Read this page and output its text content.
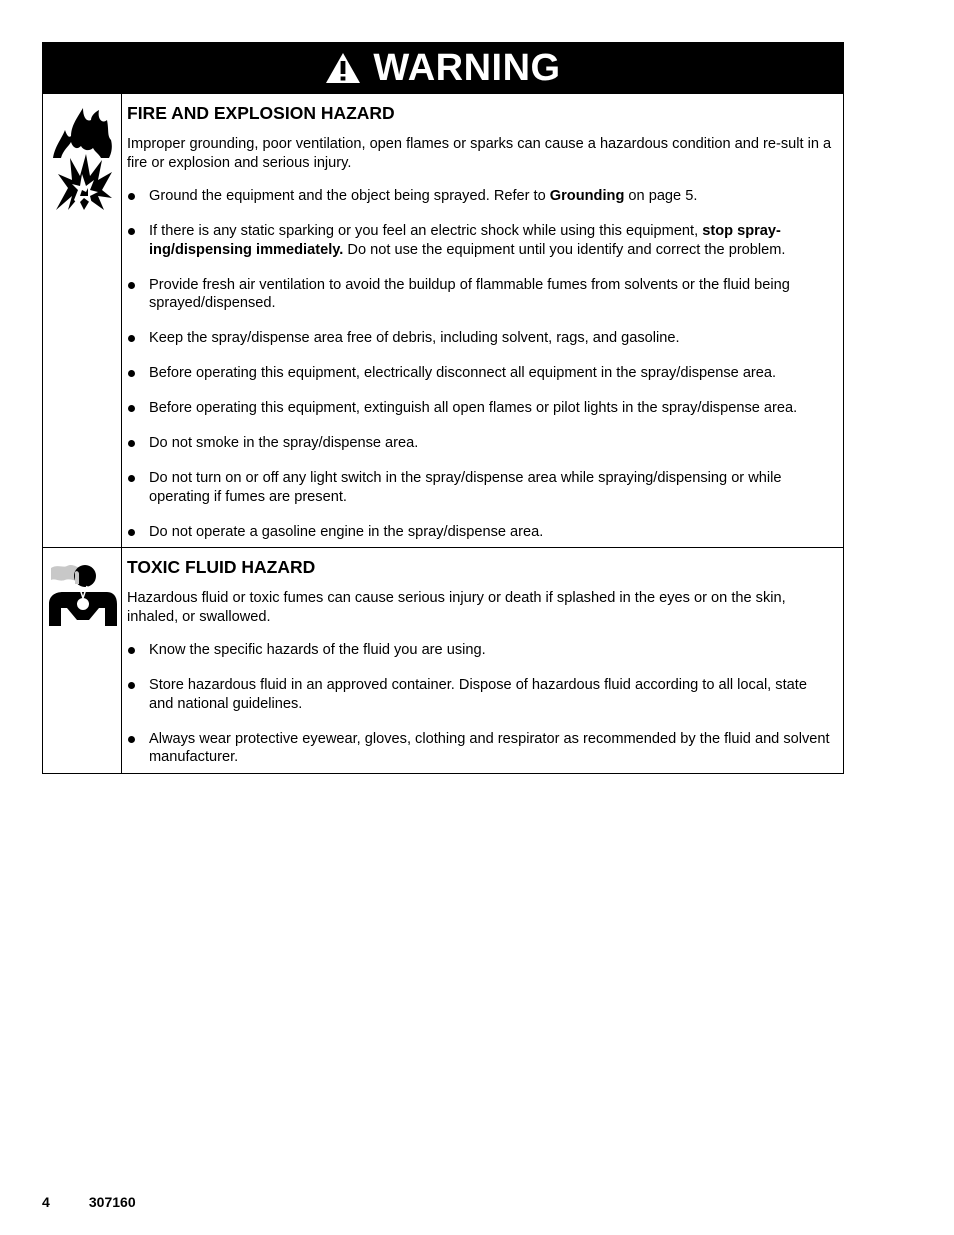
WARNING
FIRE AND EXPLOSION HAZARD

Improper grounding, poor ventilation, open flames or sparks can cause a hazardous condition and re-sult in a fire or explosion and serious injury.

Ground the equipment and the object being sprayed. Refer to Grounding on page 5.
If there is any static sparking or you feel an electric shock while using this equipment, stop spray-ing/dispensing immediately. Do not use the equipment until you identify and correct the problem.
Provide fresh air ventilation to avoid the buildup of flammable fumes from solvents or the fluid being sprayed/dispensed.
Keep the spray/dispense area free of debris, including solvent, rags, and gasoline.
Before operating this equipment, electrically disconnect all equipment in the spray/dispense area.
Before operating this equipment, extinguish all open flames or pilot lights in the spray/dispense area.
Do not smoke in the spray/dispense area.
Do not turn on or off any light switch in the spray/dispense area while spraying/dispensing or while operating if fumes are present.
Do not operate a gasoline engine in the spray/dispense area.
TOXIC FLUID HAZARD

Hazardous fluid or toxic fumes can cause serious injury or death if splashed in the eyes or on the skin, inhaled, or swallowed.

Know the specific hazards of the fluid you are using.
Store hazardous fluid in an approved container. Dispose of hazardous fluid according to all local, state and national guidelines.
Always wear protective eyewear, gloves, clothing and respirator as recommended by the fluid and solvent manufacturer.
4	307160
